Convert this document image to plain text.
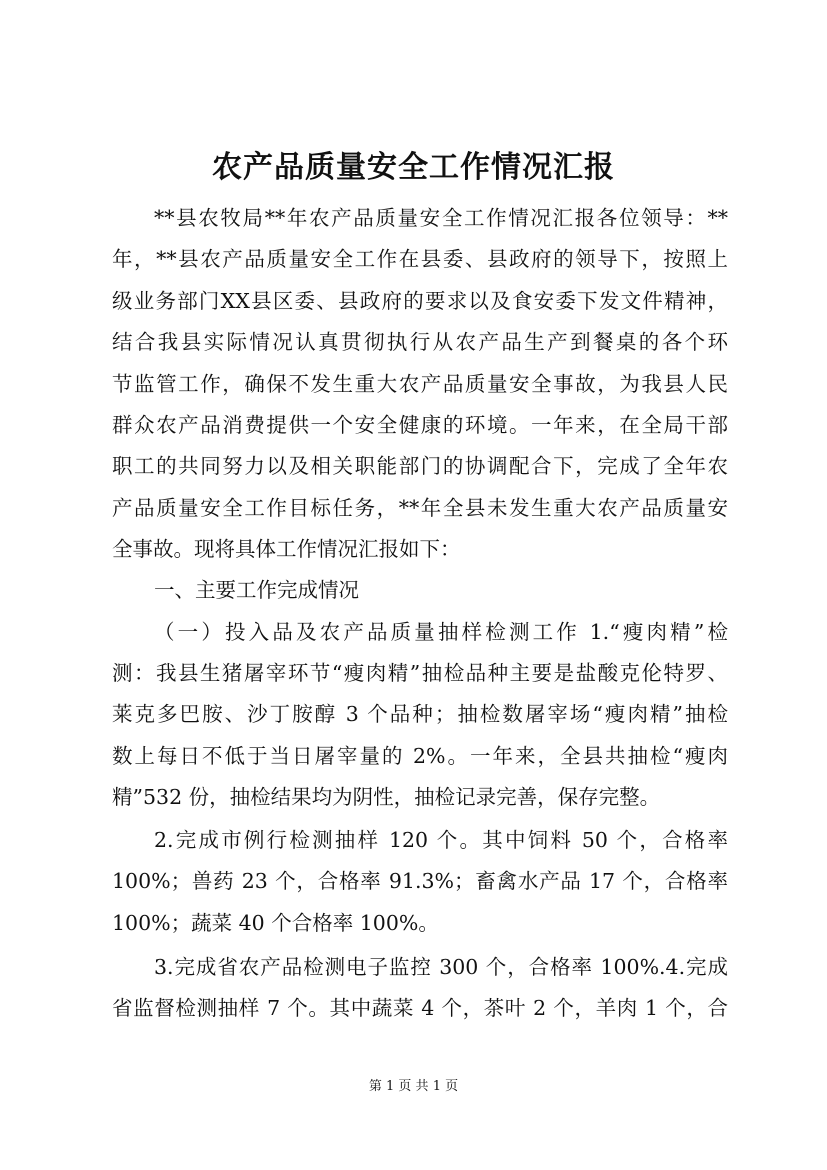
农产品质量安全工作情况汇报
**县农牧局**年农产品质量安全工作情况汇报各位领导：**
年，**县农产品质量安全工作在县委、县政府的领导下，按照上
级业务部门XX县区委、县政府的要求以及食安委下发文件精神，
结合我县实际情况认真贯彻执行从农产品生产到餐桌的各个环
节监管工作，确保不发生重大农产品质量安全事故，为我县人民
群众农产品消费提供一个安全健康的环境。一年来，在全局干部
职工的共同努力以及相关职能部门的协调配合下，完成了全年农
产品质量安全工作目标任务，**年全县未发生重大农产品质量安
全事故。现将具体工作情况汇报如下：
一、主要工作完成情况
（一）投入品及农产品质量抽样检测工作 1.“瘦肉精”检
测：我县生猪屠宰环节“瘦肉精”抽检品种主要是盐酸克伦特罗、
莱克多巴胺、沙丁胺醇 3 个品种；抽检数屠宰场“瘦肉精”抽检
数上每日不低于当日屠宰量的 2%。一年来，全县共抽检“瘦肉
精”532 份，抽检结果均为阴性，抽检记录完善，保存完整。
2.完成市例行检测抽样 120 个。其中饲料 50 个，合格率
100%；兽药 23 个，合格率 91.3%；畜禽水产品 17 个，合格率
100%；蔬菜 40 个合格率 100%。
3.完成省农产品检测电子监控 300 个，合格率 100%.4.完成
省监督检测抽样 7 个。其中蔬菜 4 个，茶叶 2 个，羊肉 1 个，合
第 1 页 共 1 页
